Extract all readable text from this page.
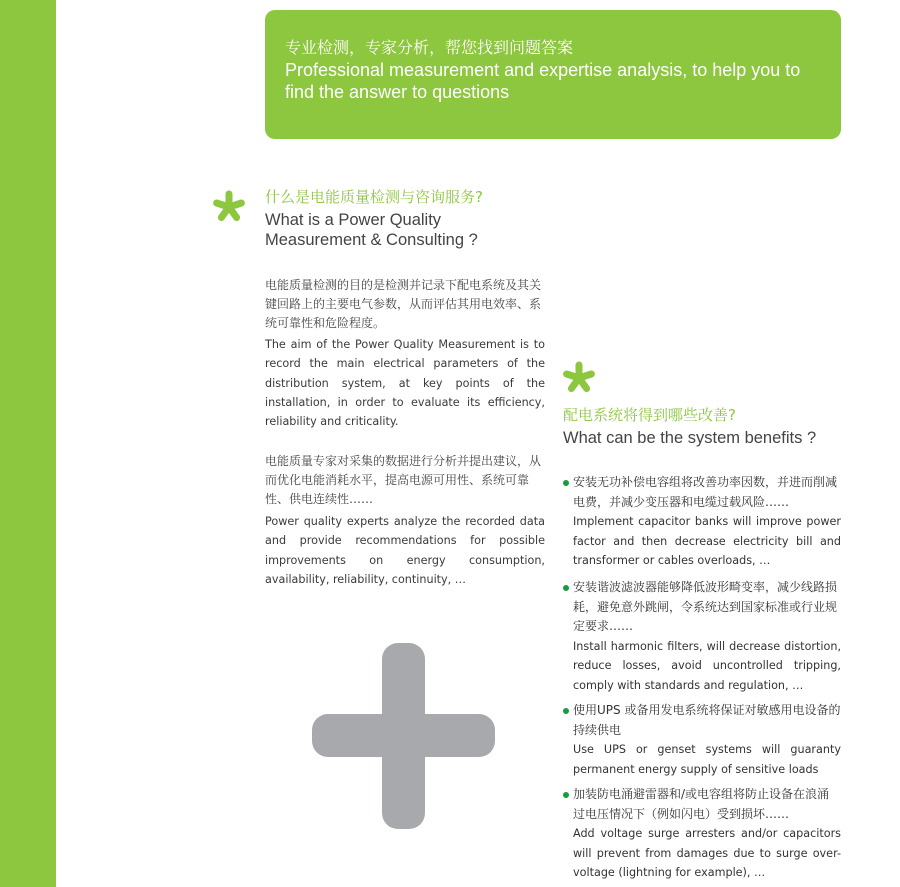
专业检测，专家分析，帮您找到问题答案
Professional measurement and expertise analysis, to help you to find the answer to questions
什么是电能质量检测与咨询服务?
What is a Power Quality Measurement & Consulting ?
电能质量检测的目的是检测并记录下配电系统及其关键回路上的主要电气参数，从而评估其用电效率、系统可靠性和危险程度。
The aim of the Power Quality Measurement is to record the main electrical parameters of the distribution system, at key points of the installation, in order to evaluate its efficiency, reliability and criticality.
电能质量专家对采集的数据进行分析并提出建议，从而优化电能消耗水平，提高电源可用性、系统可靠性、供电连续性……
Power quality experts analyze the recorded data and provide recommendations for possible improvements on energy consumption, availability, reliability, continuity, …
配电系统将得到哪些改善?
What can be the system benefits ?
安装无功补偿电容组将改善功率因数，并进而削减电费，并减少变压器和电缆过载风险……
Implement capacitor banks will improve power factor and then decrease electricity bill and transformer or cables overloads, …
安装谐波滤波器能够降低波形畸变率，减少线路损耗，避免意外跳闸，令系统达到国家标准或行业规定要求……
Install harmonic filters, will decrease distortion, reduce losses, avoid uncontrolled tripping, comply with standards and regulation, …
使用UPS 或备用发电系统将保证对敏感用电设备的持续供电
Use UPS or genset systems will guaranty permanent energy supply of sensitive loads
加装防电涌避雷器和/或电容组将防止设备在浪涌过电压情况下（例如闪电）受到损坏……
Add voltage surge arresters and/or capacitors will prevent from damages due to surge over-voltage (lightning for example), …
